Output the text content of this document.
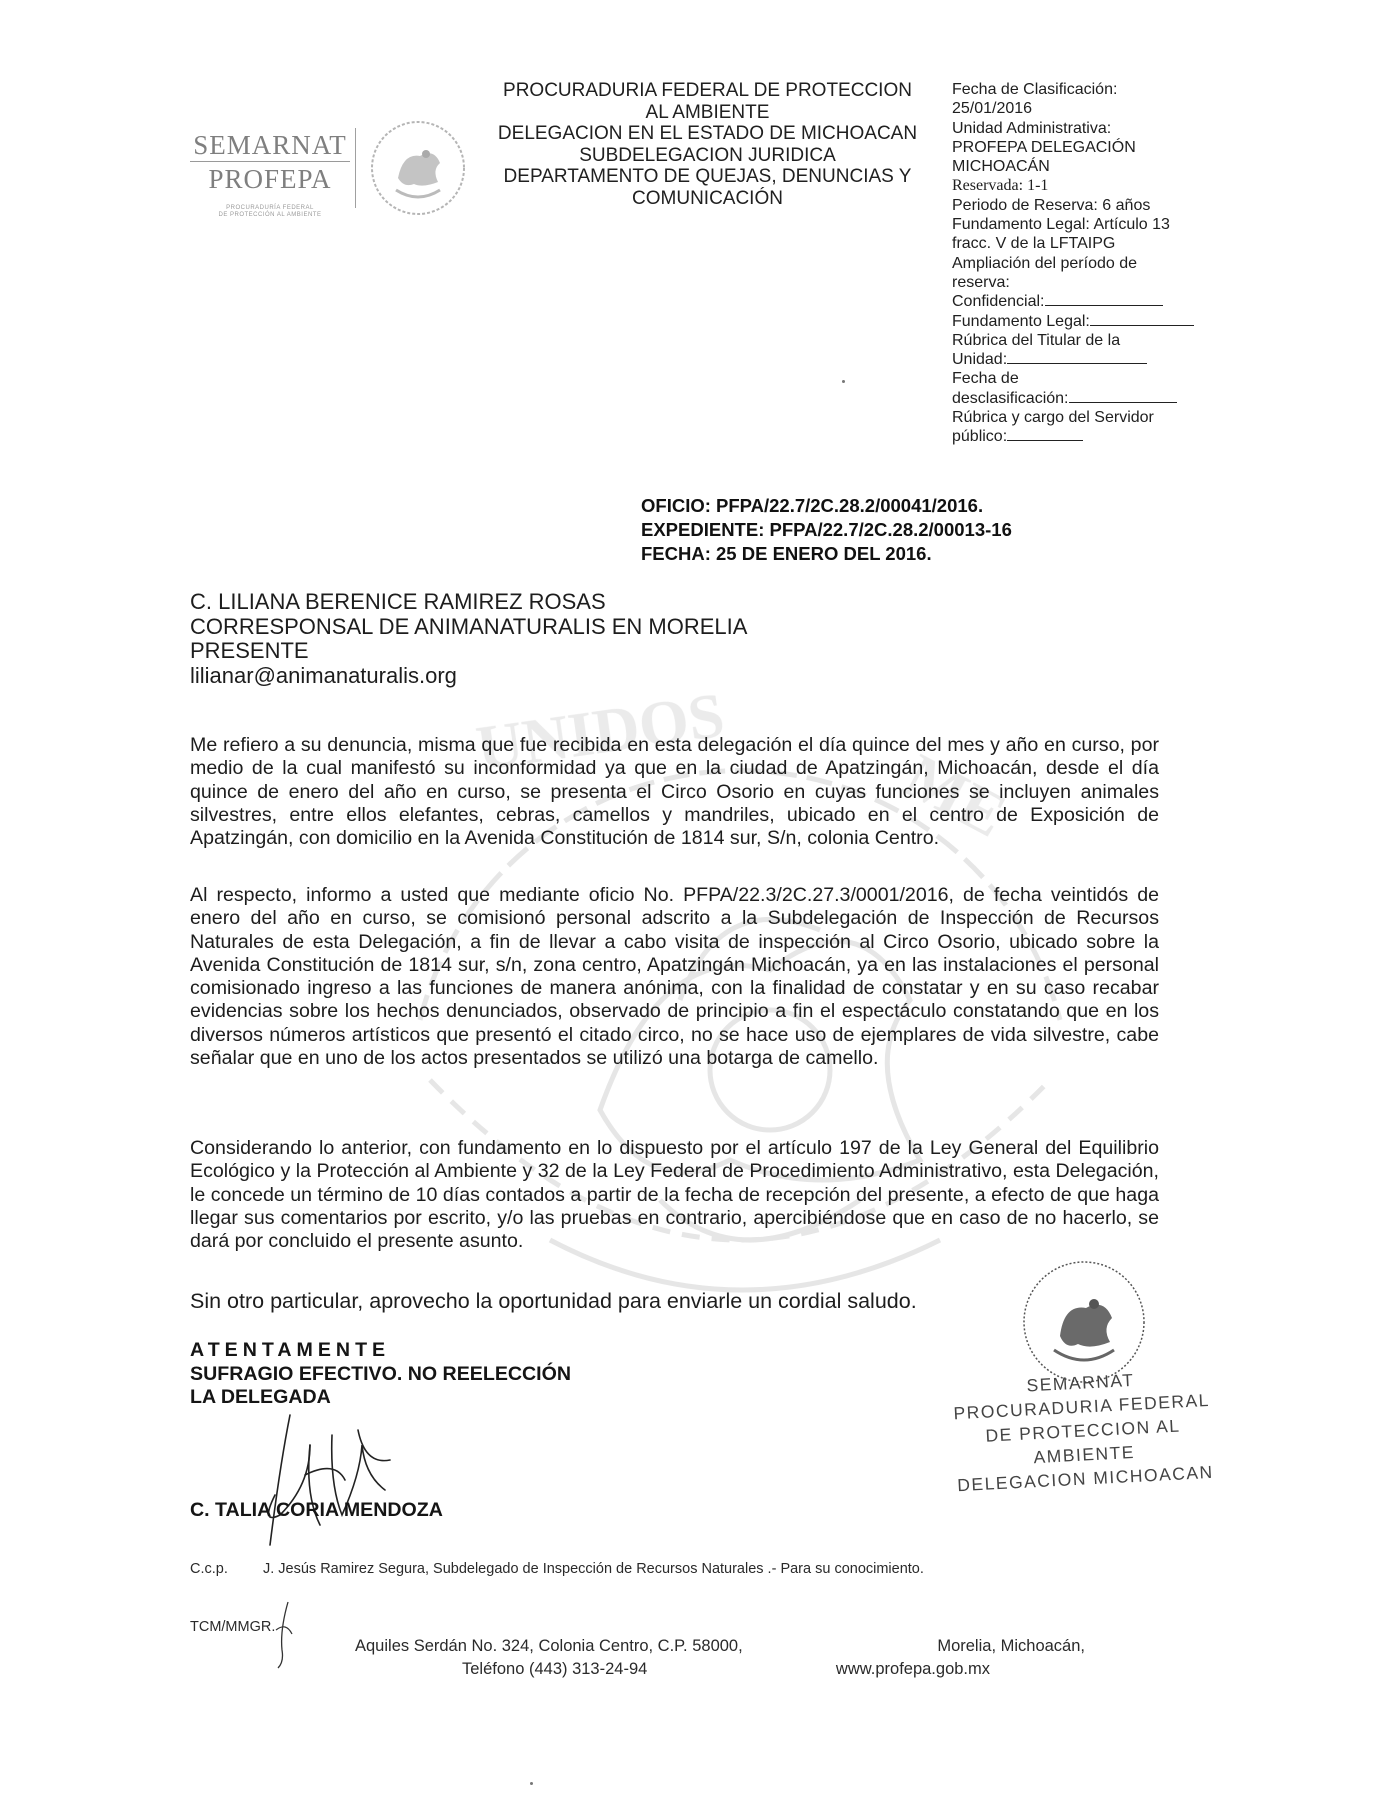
UNIDOS
ME
SEMARNAT
PROFEPA
PROCURADURÍA FEDERAL
DE PROTECCIÓN AL AMBIENTE
PROCURADURIA FEDERAL DE PROTECCION
AL AMBIENTE
DELEGACION EN EL ESTADO DE MICHOACAN
SUBDELEGACION JURIDICA
DEPARTAMENTO DE QUEJAS, DENUNCIAS Y
COMUNICACIÓN
Fecha de Clasificación:
25/01/2016
Unidad Administrativa:
PROFEPA DELEGACIÓN
MICHOACÁN
Reservada: 1-1
Periodo de Reserva: 6 años
Fundamento Legal: Artículo 13
fracc. V de la LFTAIPG
Ampliación del período de
reserva:
Confidencial:
Fundamento Legal:
Rúbrica del Titular de la
Unidad:
Fecha de
desclasificación:
Rúbrica y cargo del Servidor
público:
OFICIO: PFPA/22.7/2C.28.2/00041/2016.
EXPEDIENTE: PFPA/22.7/2C.28.2/00013-16
FECHA: 25 DE ENERO DEL 2016.
C. LILIANA BERENICE RAMIREZ ROSAS
CORRESPONSAL DE ANIMANATURALIS EN MORELIA
PRESENTE
lilianar@animanaturalis.org
Me refiero a su denuncia, misma que fue recibida en esta delegación el día quince del mes y año en curso, por medio de la cual manifestó su inconformidad ya que en la ciudad de Apatzingán, Michoacán, desde el día quince de enero del año en curso, se presenta el Circo Osorio en cuyas funciones se incluyen animales silvestres, entre ellos elefantes, cebras, camellos y mandriles, ubicado en el centro de Exposición de Apatzingán, con domicilio en la Avenida Constitución de 1814 sur, S/n, colonia Centro.
Al respecto, informo a usted que mediante oficio No. PFPA/22.3/2C.27.3/0001/2016, de fecha veintidós de enero del año en curso, se comisionó personal adscrito a la Subdelegación de Inspección de Recursos Naturales de esta Delegación, a fin de llevar a cabo visita de inspección al Circo Osorio, ubicado sobre la Avenida Constitución de 1814 sur, s/n, zona centro, Apatzingán Michoacán, ya en las instalaciones el personal comisionado ingreso a las funciones de manera anónima, con la finalidad de constatar y en su caso recabar evidencias sobre los hechos denunciados, observado de principio a fin el espectáculo constatando que en los diversos números artísticos que presentó el citado circo, no se hace uso de ejemplares de vida silvestre, cabe señalar que en uno de los actos presentados se utilizó una botarga de camello.
Considerando lo anterior, con fundamento en lo dispuesto por el artículo 197 de la Ley General del Equilibrio Ecológico y la Protección al Ambiente y 32 de la Ley Federal de Procedimiento Administrativo, esta Delegación, le concede un término de 10 días contados a partir de la fecha de recepción del presente, a efecto de que haga llegar sus comentarios por escrito, y/o las pruebas en contrario, apercibiéndose que en caso de no hacerlo, se dará por concluido el presente asunto.
Sin otro particular, aprovecho la oportunidad para enviarle un cordial saludo.
ATENTAMENTE
SUFRAGIO EFECTIVO. NO REELECCIÓN
LA DELEGADA
C. TALIA CORIA MENDOZA
SEMARNAT
PROCURADURIA FEDERAL
DE PROTECCION AL
AMBIENTE
DELEGACION MICHOACAN
C.c.p. J. Jesús Ramirez Segura, Subdelegado de Inspección de Recursos Naturales .- Para su conocimiento.
TCM/MMGR.
Aquiles Serdán No. 324, Colonia Centro, C.P. 58000,	Morelia, Michoacán,
Teléfono (443) 313-24-94	www.profepa.gob.mx
